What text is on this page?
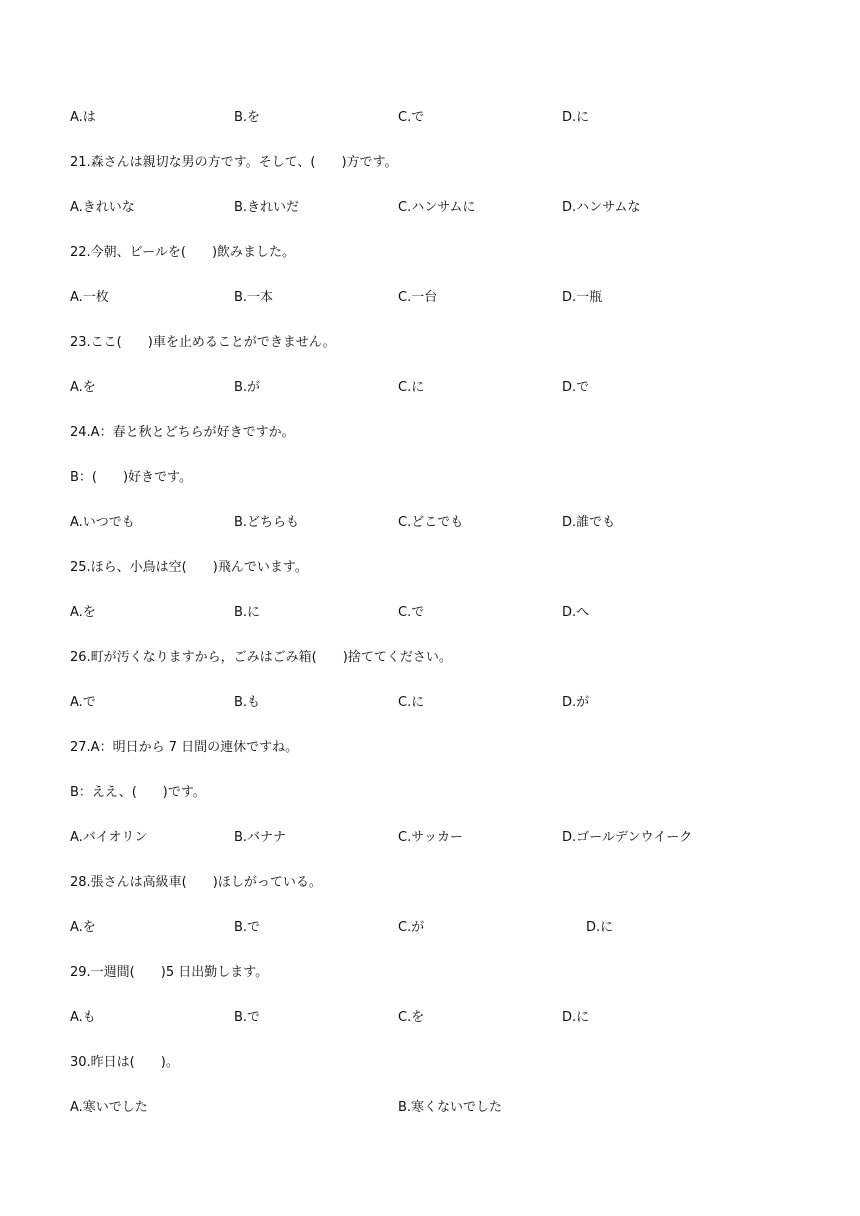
A.は	B.を	C.で	D.に
21.森さんは親切な男の方です。そして、(　　)方です。
A.きれいな	B.きれいだ	C.ハンサムに	D.ハンサムな
22.今朝、ビールを(　　)飲みました。
A.一枚	B.一本	C.一台	D.一瓶
23.ここ(　　)車を止めることができません。
A.を	B.が	C.に	D.で
24.A：春と秋とどちらが好きですか。
B：(　　)好きです。
A.いつでも	B.どちらも	C.どこでも	D.誰でも
25.ほら、小鳥は空(　　)飛んでいます。
A.を	B.に	C.で	D.へ
26.町が汚くなりますから，ごみはごみ箱(　　)捨ててください。
A.で	B.も	C.に	D.が
27.A：明日から 7 日間の連休ですね。
B：ええ、(　　)です。
A.バイオリン	B.バナナ	C.サッカー	D.ゴールデンウイーク
28.張さんは高級車(　　)ほしがっている。
A.を	B.で	C.が	D.に
29.一週間(　　)5 日出勤します。
A.も	B.で	C.を	D.に
30.昨日は(　　)。
A.寒いでした	B.寒くないでした
